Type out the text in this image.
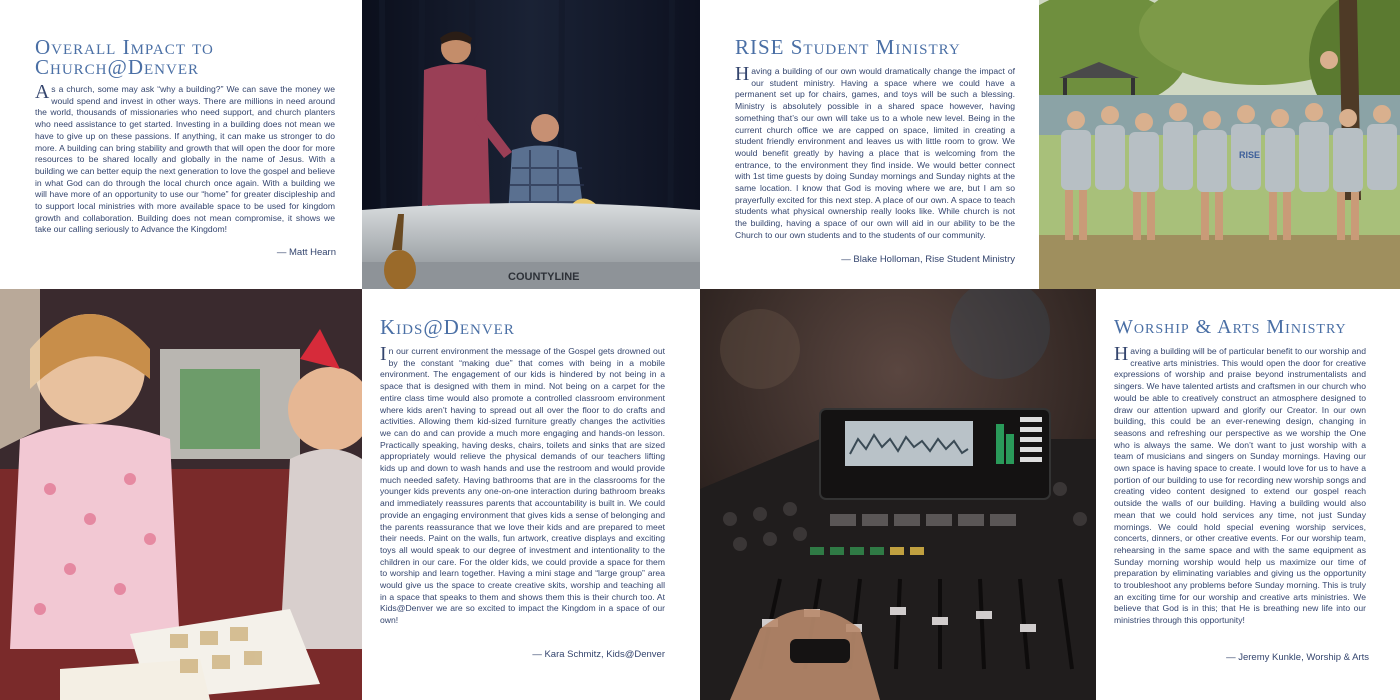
Overall Impact to Church@Denver

As a church, some may ask “why a building?” We can save the money we would spend and invest in other ways. There are millions in need around the world, thousands of missionaries who need support, and church planters who need assistance to get started. Investing in a building does not mean we have to give up on these passions. If anything, it can make us stronger to do more. A building can bring stability and growth that will open the door for more resources to be shared locally and globally in the name of Jesus. With a building we can better equip the next generation to love the gospel and believe in what God can do through the local church once again. With a building we will have more of an opportunity to use our “home” for greater discipleship and to support local ministries with more available space to be used for kingdom growth and collaboration. Building does not mean compromise, it shows we take our calling seriously to Advance the Kingdom!

— Matt Hearn
COUNTYLINE
RISE Student Ministry

Having a building of our own would dramatically change the impact of our student ministry. Having a space where we could have a permanent set up for chairs, games, and toys will be such a blessing. Ministry is absolutely possible in a shared space however, having something that’s our own will take us to a whole new level. Being in the current church office we are capped on space, limited in creating a student friendly environment and leaves us with little room to grow. We would benefit greatly by having a place that is welcoming from the entrance, to the environment they find inside. We would better connect with 1st time guests by doing Sunday mornings and Sunday nights at the same location. I know that God is moving where we are, but I am so prayerfully excited for this next step. A place of our own. A space to teach students what physical ownership really looks like. While church is not the building, having a space of our own will aid in our ability to be the Church to our own students and to the students of our community.

— Blake Holloman, Rise Student Ministry
RISE
Kids@Denver

In our current environment the message of the Gospel gets drowned out by the constant “making due” that comes with being in a mobile environment. The engagement of our kids is hindered by not being in a space that is designed with them in mind. Not being on a carpet for the entire class time would also promote a controlled classroom environment where kids aren’t having to spread out all over the floor to do crafts and activities. Allowing them kid-sized furniture greatly changes the activities we can do and can provide a much more engaging and hands-on lesson. Practically speaking, having desks, chairs, toilets and sinks that are sized appropriately would relieve the physical demands of our teachers lifting kids up and down to wash hands and use the restroom and would provide much needed safety. Having bathrooms that are in the classrooms for the younger kids prevents any one-on-one interaction during bathroom breaks and immediately reassures parents that accountability is built in. We could provide an engaging environment that gives kids a sense of belonging and the parents reassurance that we love their kids and are prepared to meet their needs. Paint on the walls, fun artwork, creative displays and exciting toys all would speak to our degree of investment and intentionality to the children in our care. For the older kids, we could provide a space for them to worship and learn together. Having a mini stage and “large group” area would give us the space to create creative skits, worship and teaching all in a space that speaks to them and shows them this is their church too. At Kids@Denver we are so excited to impact the Kingdom in a space of our own!

— Kara Schmitz, Kids@Denver
Worship & Arts Ministry

Having a building will be of particular benefit to our worship and creative arts ministries. This would open the door for creative expressions of worship and praise beyond instrumentalists and singers. We have talented artists and craftsmen in our church who would be able to creatively construct an atmosphere designed to draw our attention upward and glorify our Creator. In our own building, this could be an ever-renewing design, changing in seasons and refreshing our perspective as we worship the One who is always the same. We don’t want to just worship with a team of musicians and singers on Sunday mornings. Having our own space is having space to create. I would love for us to have a portion of our building to use for recording new worship songs and creating video content designed to extend our gospel reach outside the walls of our building. Having a building would also mean that we could hold services any time, not just Sunday mornings. We could hold special evening worship services, concerts, dinners, or other creative events. For our worship team, rehearsing in the same space and with the same equipment as Sunday morning worship would help us maximize our time of preparation by eliminating variables and giving us the opportunity to troubleshoot any problems before Sunday morning. This is truly an exciting time for our worship and creative arts ministries. We believe that God is in this; that He is breathing new life into our ministries through this opportunity!

— Jeremy Kunkle, Worship & Arts
